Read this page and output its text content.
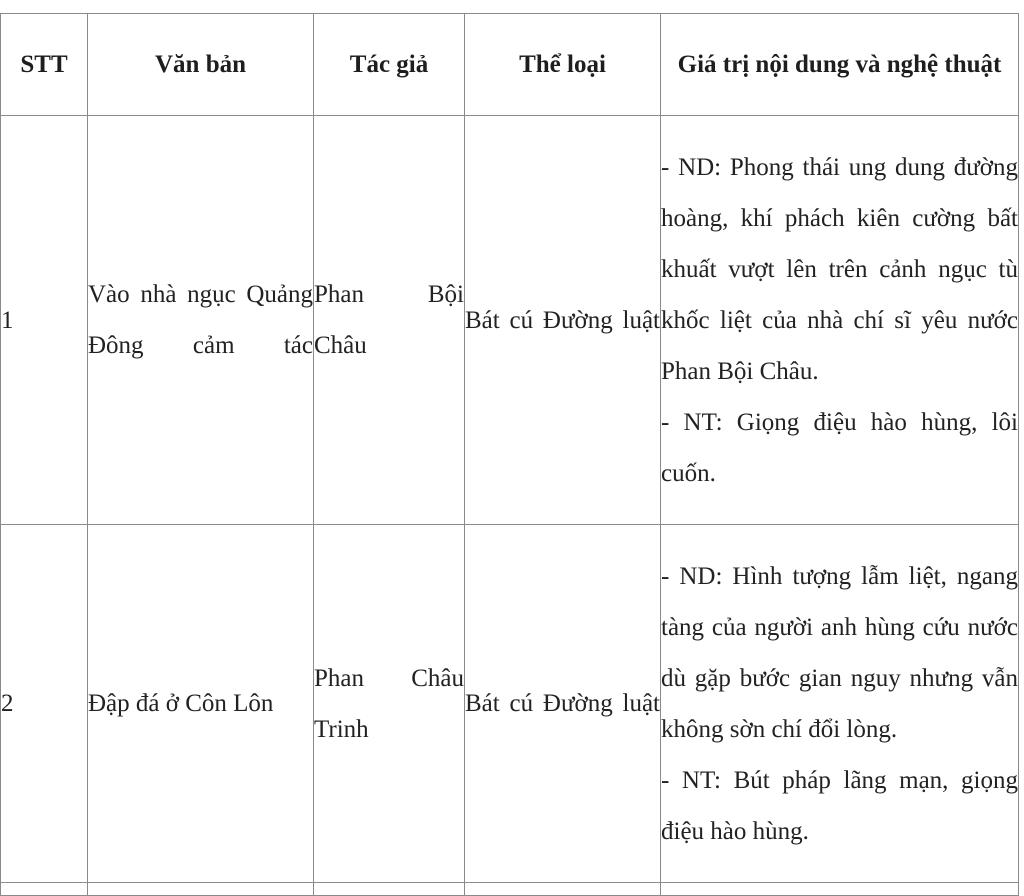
STT	Văn bản	Tác giả	Thể loại	Giá trị nội dung và nghệ thuật
1	Vào nhà ngục Quảng Đông cảm tác	Phan Bội Châu	Bát cú Đường luật	- ND: Phong thái ung dung đường hoàng, khí phách kiên cường bất khuất vượt lên trên cảnh ngục tù khốc liệt của nhà chí sĩ yêu nước Phan Bội Châu.
- NT: Giọng điệu hào hùng, lôi cuốn.

2	Đập đá ở Côn Lôn	Phan Châu Trinh	Bát cú Đường luật	- ND: Hình tượng lẫm liệt, ngang tàng của người anh hùng cứu nước dù gặp bước gian nguy nhưng vẫn không sờn chí đổi lòng.
- NT: Bút pháp lãng mạn, giọng điệu hào hùng.
